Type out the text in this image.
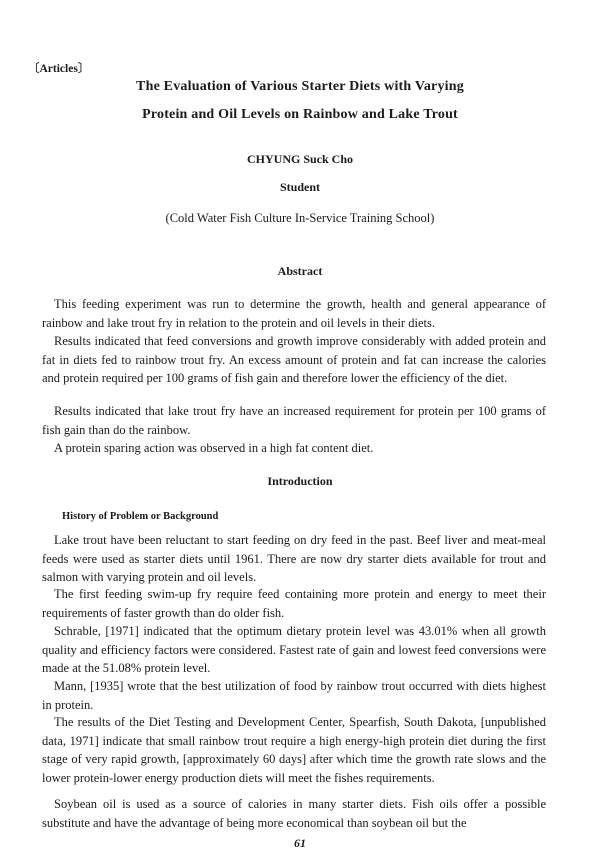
〔Articles〕
The Evaluation of Various Starter Diets with Varying
Protein and Oil Levels on Rainbow and Lake Trout
CHYUNG Suck Cho
Student
(Cold Water Fish Culture In-Service Training School)
Abstract

This feeding experiment was run to determine the growth, health and general appearance of rainbow and lake trout fry in relation to the protein and oil levels in their diets.

Results indicated that feed conversions and growth improve considerably with added protein and fat in diets fed to rainbow trout fry. An excess amount of protein and fat can increase the calories and protein required per 100 grams of fish gain and therefore lower the efficiency of the diet.

Results indicated that lake trout fry have an increased requirement for protein per 100 grams of fish gain than do the rainbow.

A protein sparing action was observed in a high fat content diet.

Introduction
History of Problem or Background

Lake trout have been reluctant to start feeding on dry feed in the past. Beef liver and meat-meal feeds were used as starter diets until 1961. There are now dry starter diets available for trout and salmon with varying protein and oil levels.

The first feeding swim-up fry require feed containing more protein and energy to meet their requirements of faster growth than do older fish.

Schrable, [1971] indicated that the optimum dietary protein level was 43.01% when all growth quality and efficiency factors were considered. Fastest rate of gain and lowest feed conversions were made at the 51.08% protein level.

Mann, [1935] wrote that the best utilization of food by rainbow trout occurred with diets highest in protein.

The results of the Diet Testing and Development Center, Spearfish, South Dakota, [unpublished data, 1971] indicate that small rainbow trout require a high energy-high protein diet during the first stage of very rapid growth, [approximately 60 days] after which time the growth rate slows and the lower protein-lower energy production diets will meet the fishes requirements.

Soybean oil is used as a source of calories in many starter diets. Fish oils offer a possible substitute and have the advantage of being more economical than soybean oil but the

61
